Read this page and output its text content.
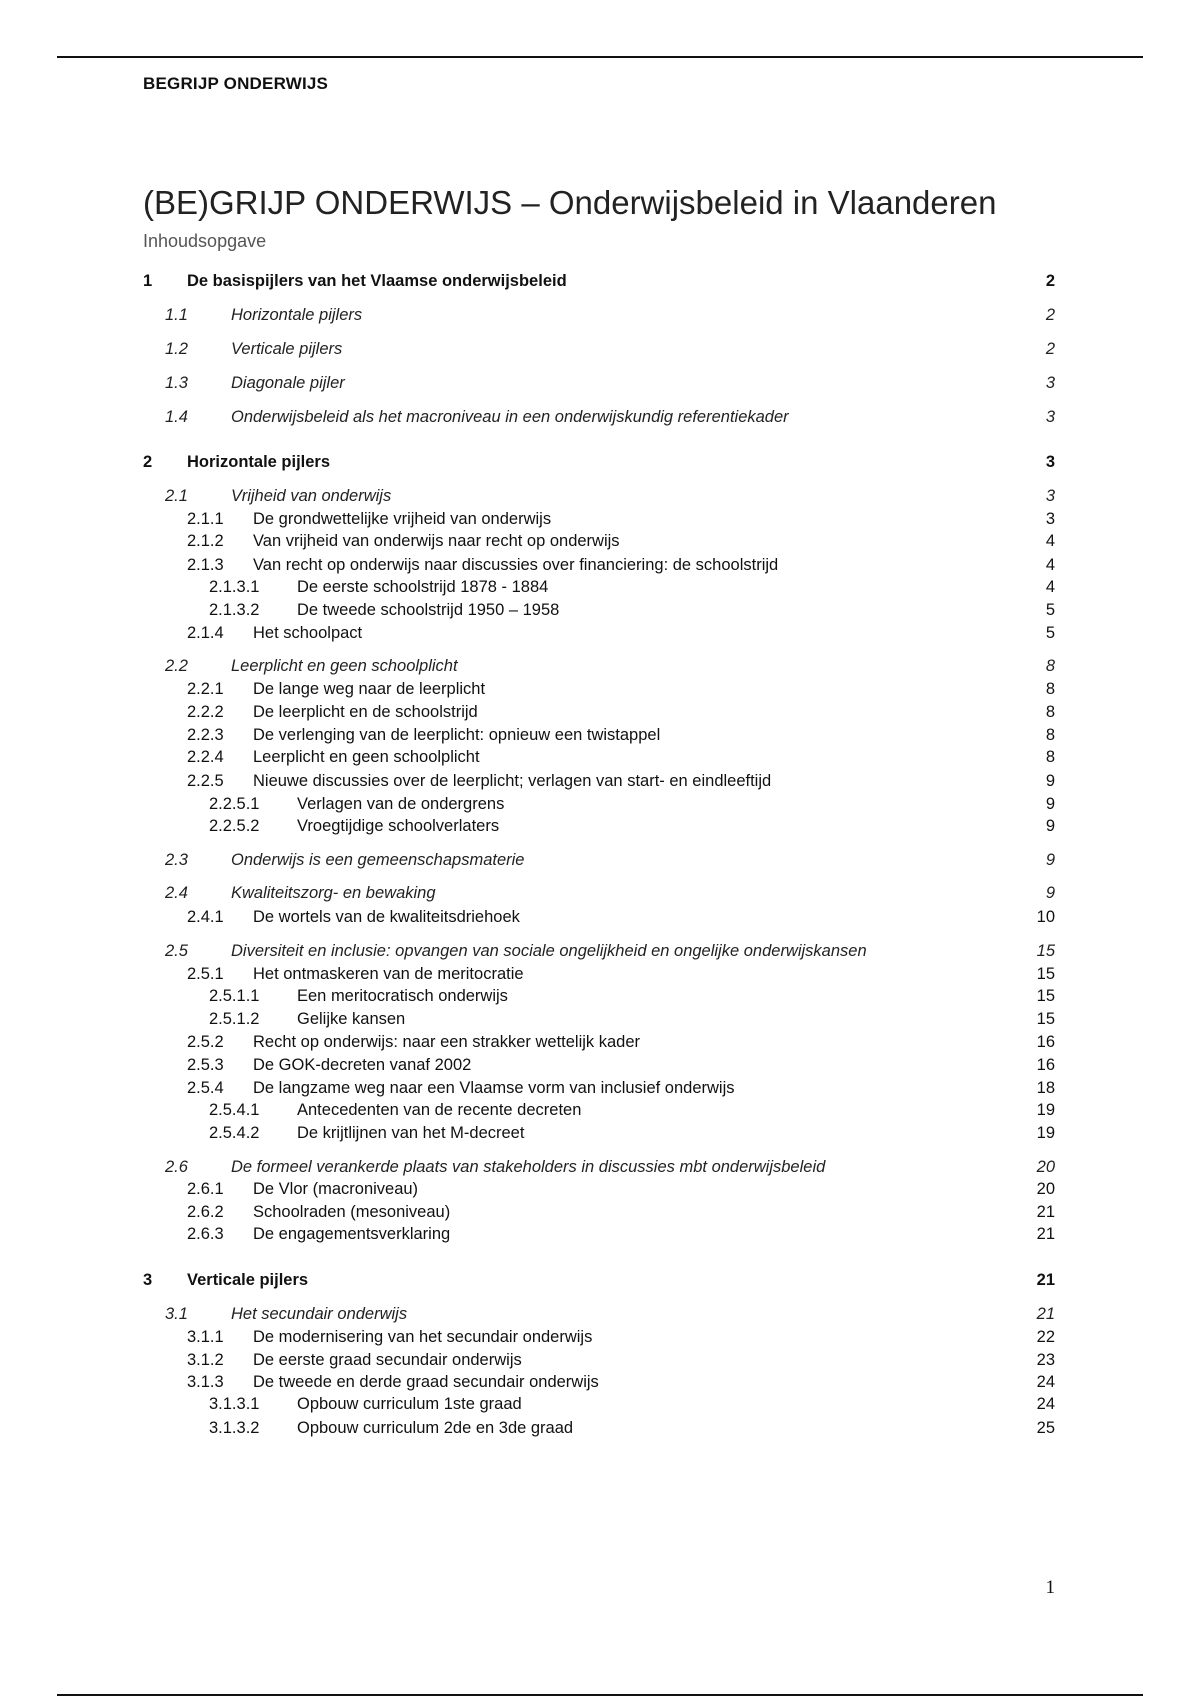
BEGRIJP ONDERWIJS
(BE)GRIJP ONDERWIJS – Onderwijsbeleid in Vlaanderen
Inhoudsopgave
1 De basispijlers van het Vlaamse onderwijsbeleid	2
1.1	Horizontale pijlers	2
1.2	Verticale pijlers	2
1.3	Diagonale pijler	3
1.4	Onderwijsbeleid als het macroniveau in een onderwijskundig referentiekader	3
2 Horizontale pijlers	3
2.1	Vrijheid van onderwijs	3
2.1.1 De grondwettelijke vrijheid van onderwijs	3
2.1.2 Van vrijheid van onderwijs naar recht op onderwijs	4
2.1.3 Van recht op onderwijs naar discussies over financiering: de schoolstrijd	4
2.1.3.1 De eerste schoolstrijd 1878 - 1884	4
2.1.3.2 De tweede schoolstrijd 1950 – 1958	5
2.1.4 Het schoolpact	5
2.2	Leerplicht en geen schoolplicht	8
2.2.1 De lange weg naar de leerplicht	8
2.2.2 De leerplicht en de schoolstrijd	8
2.2.3 De verlenging van de leerplicht: opnieuw een twistappel	8
2.2.4 Leerplicht en geen schoolplicht	8
2.2.5 Nieuwe discussies over de leerplicht; verlagen van start- en eindleeftijd	9
2.2.5.1 Verlagen van de ondergrens	9
2.2.5.2 Vroegtijdige schoolverlaters	9
2.3	Onderwijs is een gemeenschapsmaterie	9
2.4	Kwaliteitszorg- en bewaking	9
2.4.1 De wortels van de kwaliteitsdriehoek	10
2.5	Diversiteit en inclusie: opvangen van sociale ongelijkheid en ongelijke onderwijskansen	15
2.5.1 Het ontmaskeren van de meritocratie	15
2.5.1.1 Een meritocratisch onderwijs	15
2.5.1.2 Gelijke kansen	15
2.5.2 Recht op onderwijs: naar een strakker wettelijk kader	16
2.5.3 De GOK-decreten vanaf 2002	16
2.5.4 De langzame weg naar een Vlaamse vorm van inclusief onderwijs	18
2.5.4.1 Antecedenten van de recente decreten	19
2.5.4.2 De krijtlijnen van het M-decreet	19
2.6	De formeel verankerde plaats van stakeholders in discussies mbt onderwijsbeleid	20
2.6.1 De Vlor (macroniveau)	20
2.6.2 Schoolraden (mesoniveau)	21
2.6.3 De engagementsverklaring	21
3 Verticale pijlers	21
3.1	Het secundair onderwijs	21
3.1.1 De modernisering van het secundair onderwijs	22
3.1.2 De eerste graad secundair onderwijs	23
3.1.3 De tweede en derde graad secundair onderwijs	24
3.1.3.1 Opbouw curriculum 1ste graad	24
3.1.3.2 Opbouw curriculum 2de en 3de graad	25
1
